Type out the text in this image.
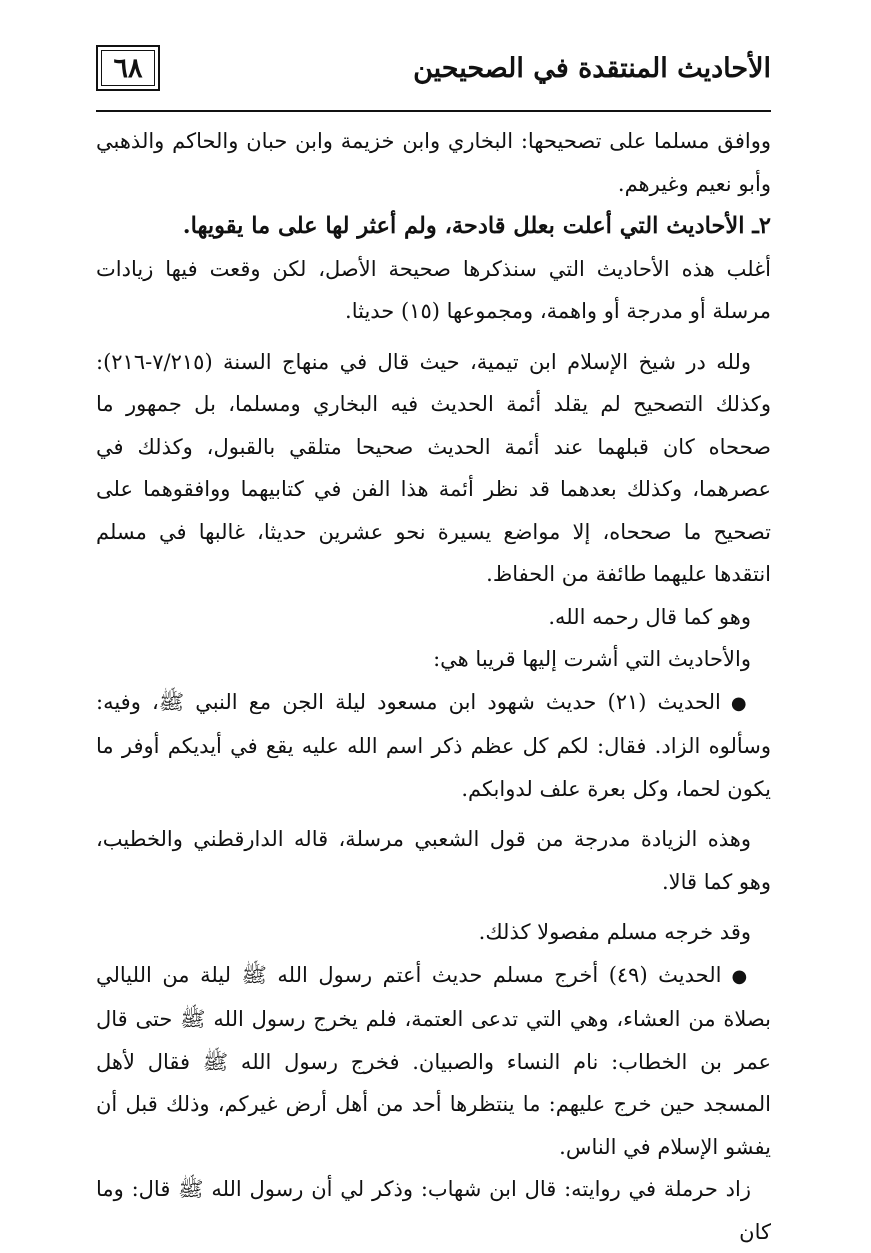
الأحاديث المنتقدة في الصحيحين
٦٨

ووافق مسلما على تصحيحها: البخاري وابن خزيمة وابن حبان والحاكم والذهبي وأبو نعيم وغيرهم.

٢ـ الأحاديث التي أعلت بعلل قادحة، ولم أعثر لها على ما يقويها.

أغلب هذه الأحاديث التي سنذكرها صحيحة الأصل، لكن وقعت فيها زيادات مرسلة أو مدرجة أو واهمة، ومجموعها (١٥) حديثا.

ولله در شيخ الإسلام ابن تيمية، حيث قال في منهاج السنة (٧/٢١٥-٢١٦): وكذلك التصحيح لم يقلد أئمة الحديث فيه البخاري ومسلما، بل جمهور ما صححاه كان قبلهما عند أئمة الحديث صحيحا متلقي بالقبول، وكذلك في عصرهما، وكذلك بعدهما قد نظر أئمة هذا الفن في كتابيهما ووافقوهما على تصحيح ما صححاه، إلا مواضع يسيرة نحو عشرين حديثا، غالبها في مسلم انتقدها عليهما طائفة من الحفاظ.

وهو كما قال رحمه الله.

والأحاديث التي أشرت إليها قريبا هي:

●الحديث (٢١) حديث شهود ابن مسعود ليلة الجن مع النبي ﷺ، وفيه: وسألوه الزاد. فقال: لكم كل عظم ذكر اسم الله عليه يقع في أيديكم أوفر ما يكون لحما، وكل بعرة علف لدوابكم.

وهذه الزيادة مدرجة من قول الشعبي مرسلة، قاله الدارقطني والخطيب، وهو كما قالا.

وقد خرجه مسلم مفصولا كذلك.

●الحديث (٤٩) أخرج مسلم حديث أعتم رسول الله ﷺ ليلة من الليالي بصلاة من العشاء، وهي التي تدعى العتمة، فلم يخرج رسول الله ﷺ حتى قال عمر بن الخطاب: نام النساء والصبيان. فخرج رسول الله ﷺ فقال لأهل المسجد حين خرج عليهم: ما ينتظرها أحد من أهل أرض غيركم، وذلك قبل أن يفشو الإسلام في الناس.

زاد حرملة في روايته: قال ابن شهاب: وذكر لي أن رسول الله ﷺ قال: وما كان
